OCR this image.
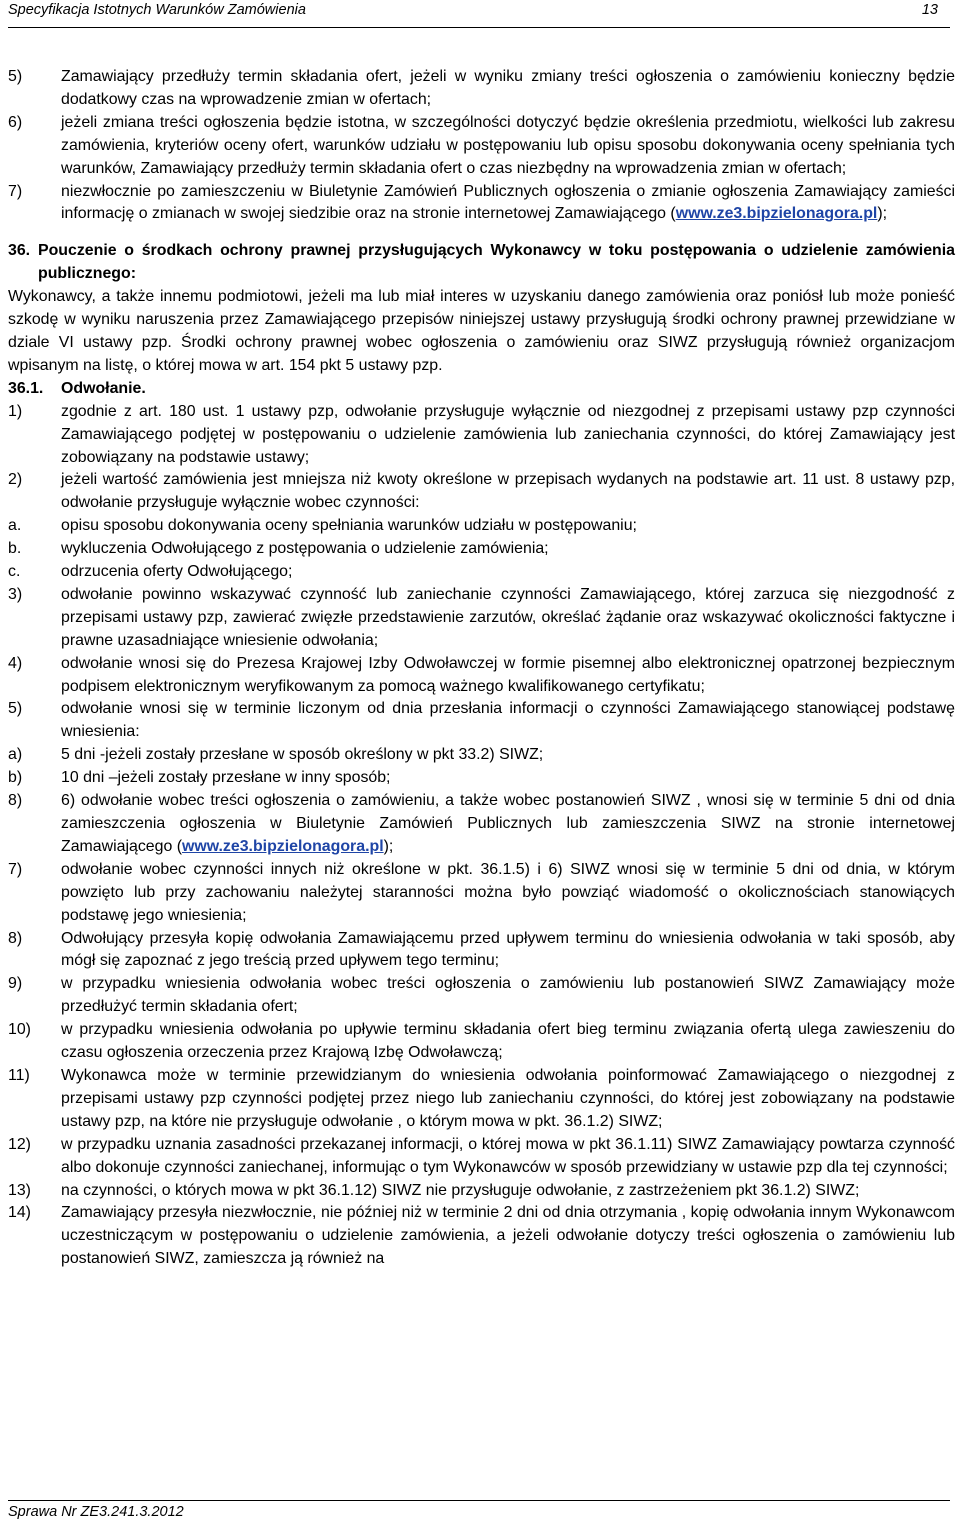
Specyfikacja Istotnych Warunków Zamówienia	13
5) Zamawiający przedłuży termin składania ofert, jeżeli w wyniku zmiany treści ogłoszenia o zamówieniu konieczny będzie dodatkowy czas na wprowadzenie zmian w ofertach;
6) jeżeli zmiana treści ogłoszenia będzie istotna, w szczególności dotyczyć będzie określenia przedmiotu, wielkości lub zakresu zamówienia, kryteriów oceny ofert, warunków udziału w postępowaniu lub opisu sposobu dokonywania oceny spełniania tych warunków, Zamawiający przedłuży termin składania ofert o czas niezbędny na wprowadzenia zmian w ofertach;
7) niezwłocznie po zamieszczeniu w Biuletynie Zamówień Publicznych ogłoszenia o zmianie ogłoszenia Zamawiający zamieści informację o zmianach w swojej siedzibie oraz na stronie internetowej Zamawiającego (www.ze3.bipzielonagora.pl);
36. Pouczenie o środkach ochrony prawnej przysługujących Wykonawcy w toku postępowania o udzielenie zamówienia publicznego:
Wykonawcy, a także innemu podmiotowi, jeżeli ma lub miał interes w uzyskaniu danego zamówienia oraz poniósł lub może ponieść szkodę w wyniku naruszenia przez Zamawiającego przepisów niniejszej ustawy przysługują środki ochrony prawnej przewidziane w dziale VI ustawy pzp. Środki ochrony prawnej wobec ogłoszenia o zamówieniu oraz SIWZ przysługują również organizacjom wpisanym na listę, o której mowa w art. 154 pkt 5 ustawy pzp.
36.1. Odwołanie.
1) zgodnie z art. 180 ust. 1 ustawy pzp, odwołanie przysługuje wyłącznie od niezgodnej z przepisami ustawy pzp czynności Zamawiającego podjętej w postępowaniu o udzielenie zamówienia lub zaniechania czynności, do której Zamawiający jest zobowiązany na podstawie ustawy;
2) jeżeli wartość zamówienia jest mniejsza niż kwoty określone w przepisach wydanych na podstawie art. 11 ust. 8 ustawy pzp, odwołanie przysługuje wyłącznie wobec czynności:
a. opisu sposobu dokonywania oceny spełniania warunków udziału w postępowaniu;
b. wykluczenia Odwołującego z postępowania o udzielenie zamówienia;
c.	odrzucenia oferty Odwołującego;
3) odwołanie powinno wskazywać czynność lub zaniechanie czynności Zamawiającego, której zarzuca się niezgodność z przepisami ustawy pzp, zawierać zwięzłe przedstawienie zarzutów, określać żądanie oraz wskazywać okoliczności faktyczne i prawne uzasadniające wniesienie odwołania;
4) odwołanie wnosi się do Prezesa Krajowej Izby Odwoławczej w formie pisemnej albo elektronicznej opatrzonej bezpiecznym podpisem elektronicznym weryfikowanym za pomocą ważnego kwalifikowanego certyfikatu;
5) odwołanie wnosi się w terminie liczonym od dnia przesłania informacji o czynności Zamawiającego stanowiącej podstawę wniesienia:
a) 5 dni -jeżeli zostały przesłane w sposób określony w pkt 33.2) SIWZ;
b) 10 dni –jeżeli zostały przesłane w inny sposób;
8) 6) odwołanie wobec treści ogłoszenia o zamówieniu, a także wobec postanowień SIWZ , wnosi się w terminie 5 dni od dnia zamieszczenia ogłoszenia w Biuletynie Zamówień Publicznych lub zamieszczenia SIWZ na stronie internetowej Zamawiającego (www.ze3.bipzielonagora.pl);
7) odwołanie wobec czynności innych niż określone w pkt. 36.1.5) i 6) SIWZ wnosi się w terminie 5 dni od dnia, w którym powzięto lub przy zachowaniu należytej staranności można było powziąć wiadomość o okolicznościach stanowiących podstawę jego wniesienia;
8) Odwołujący przesyła kopię odwołania Zamawiającemu przed upływem terminu do wniesienia odwołania w taki sposób, aby mógł się zapoznać z jego treścią przed upływem tego terminu;
9) w przypadku wniesienia odwołania wobec treści ogłoszenia o zamówieniu lub postanowień SIWZ Zamawiający może przedłużyć termin składania ofert;
10) w przypadku wniesienia odwołania po upływie terminu składania ofert bieg terminu związania ofertą ulega zawieszeniu do czasu ogłoszenia orzeczenia przez Krajową Izbę Odwoławczą;
11) Wykonawca może w terminie przewidzianym do wniesienia odwołania poinformować Zamawiającego o niezgodnej z przepisami ustawy pzp czynności podjętej przez niego lub zaniechaniu czynności, do której jest zobowiązany na podstawie ustawy pzp, na które nie przysługuje odwołanie , o którym mowa w pkt. 36.1.2) SIWZ;
12) w przypadku uznania zasadności przekazanej informacji, o której mowa w pkt 36.1.11) SIWZ Zamawiający powtarza czynność albo dokonuje czynności zaniechanej, informując o tym Wykonawców w sposób przewidziany w ustawie pzp dla tej czynności;
13) na czynności, o których mowa w pkt 36.1.12) SIWZ nie przysługuje odwołanie, z zastrzeżeniem pkt 36.1.2) SIWZ;
14) Zamawiający przesyła niezwłocznie, nie później niż w terminie 2 dni od dnia otrzymania , kopię odwołania innym Wykonawcom uczestniczącym w postępowaniu o udzielenie zamówienia, a jeżeli odwołanie dotyczy treści ogłoszenia o zamówieniu lub postanowień SIWZ, zamieszcza ją również na
Sprawa Nr ZE3.241.3.2012
